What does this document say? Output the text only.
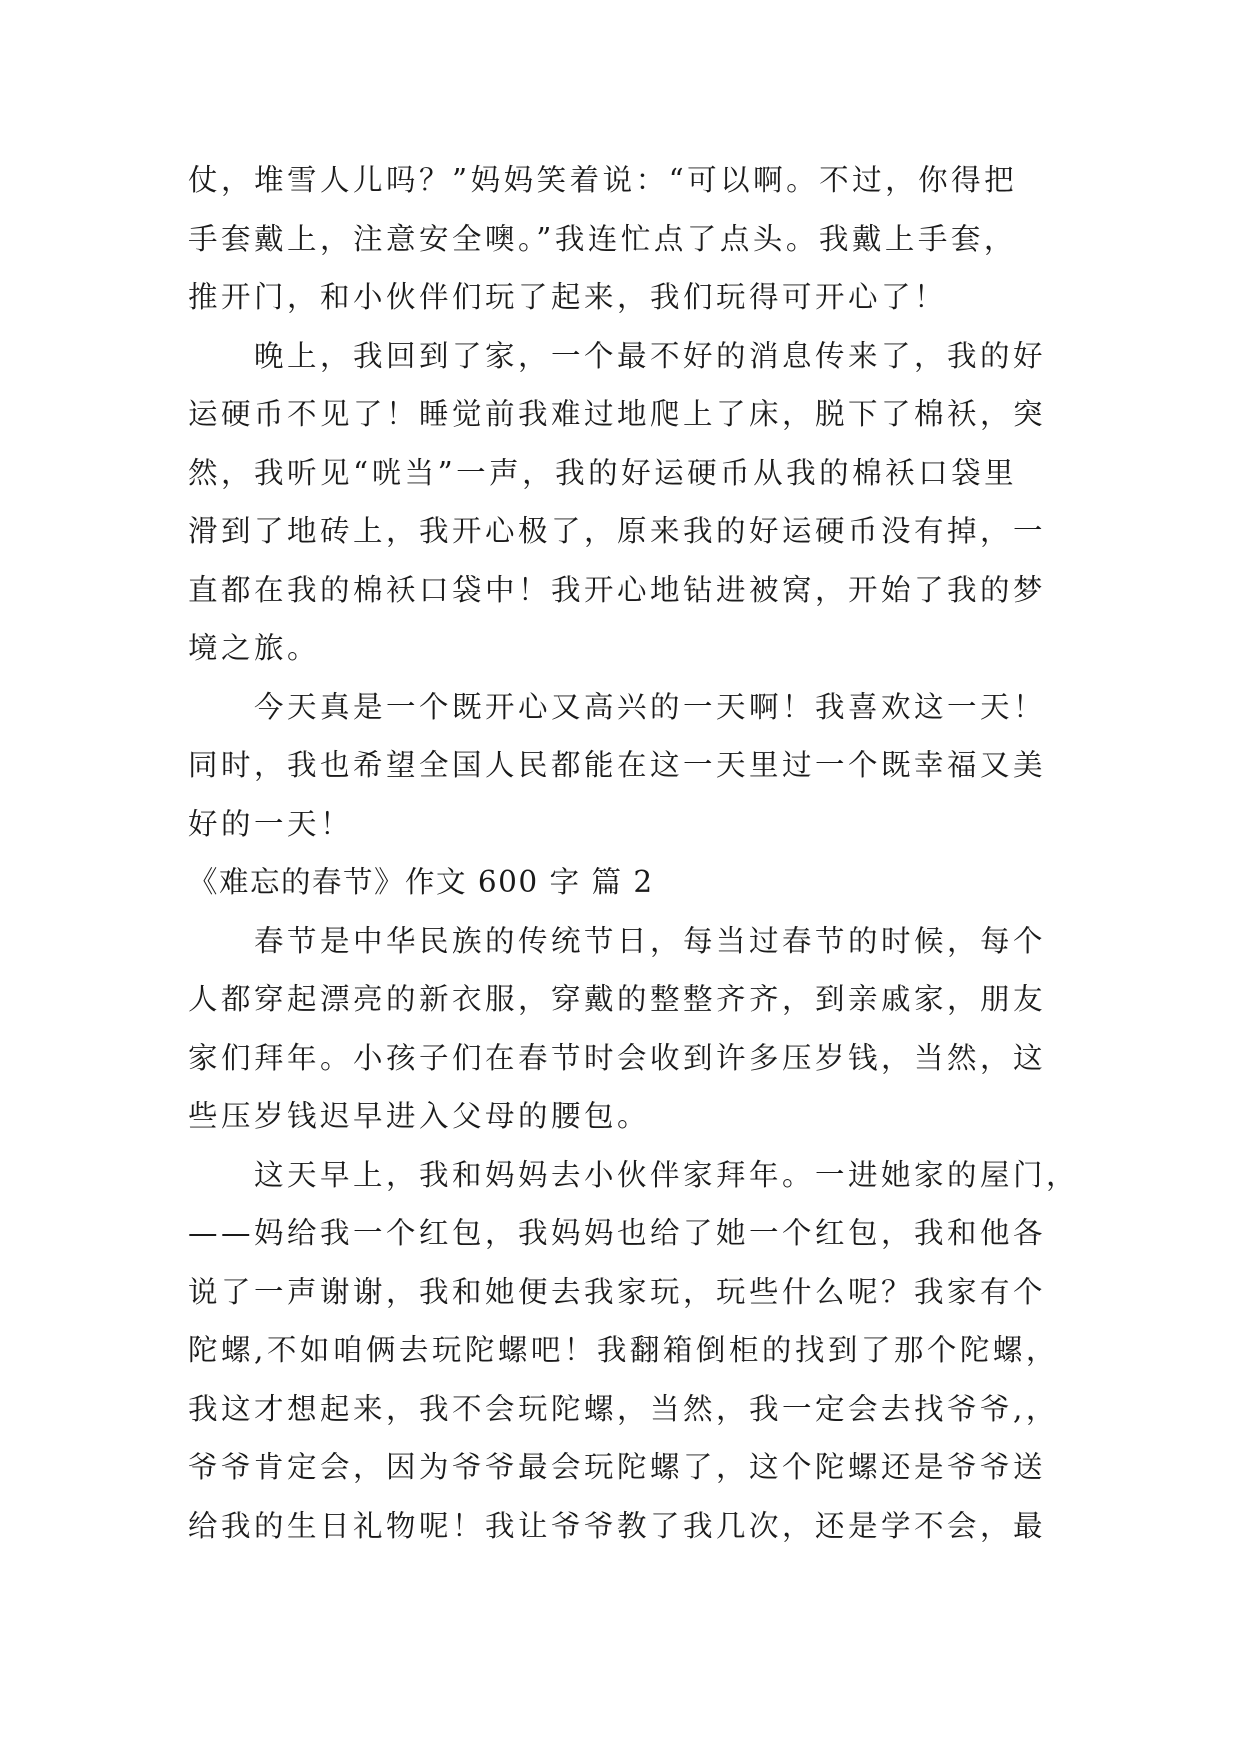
仗，堆雪人儿吗？”妈妈笑着说：“可以啊。不过，你得把
手套戴上，注意安全噢。”我连忙点了点头。我戴上手套，
推开门，和小伙伴们玩了起来，我们玩得可开心了！
　　晚上，我回到了家，一个最不好的消息传来了，我的好
运硬币不见了！睡觉前我难过地爬上了床，脱下了棉袄，突
然，我听见“咣当”一声，我的好运硬币从我的棉袄口袋里
滑到了地砖上，我开心极了，原来我的好运硬币没有掉，一
直都在我的棉袄口袋中！我开心地钻进被窝，开始了我的梦
境之旅。
　　今天真是一个既开心又高兴的一天啊！我喜欢这一天！
同时，我也希望全国人民都能在这一天里过一个既幸福又美
好的一天！
《难忘的春节》作文 600 字 篇 2
　　春节是中华民族的传统节日，每当过春节的时候，每个
人都穿起漂亮的新衣服，穿戴的整整齐齐，到亲戚家，朋友
家们拜年。小孩子们在春节时会收到许多压岁钱，当然，这
些压岁钱迟早进入父母的腰包。
　　这天早上，我和妈妈去小伙伴家拜年。一进她家的屋门，
——妈给我一个红包，我妈妈也给了她一个红包，我和他各
说了一声谢谢，我和她便去我家玩，玩些什么呢？我家有个
陀螺,不如咱俩去玩陀螺吧！我翻箱倒柜的找到了那个陀螺，
我这才想起来，我不会玩陀螺，当然，我一定会去找爷爷,，
爷爷肯定会，因为爷爷最会玩陀螺了，这个陀螺还是爷爷送
给我的生日礼物呢！我让爷爷教了我几次，还是学不会，最
